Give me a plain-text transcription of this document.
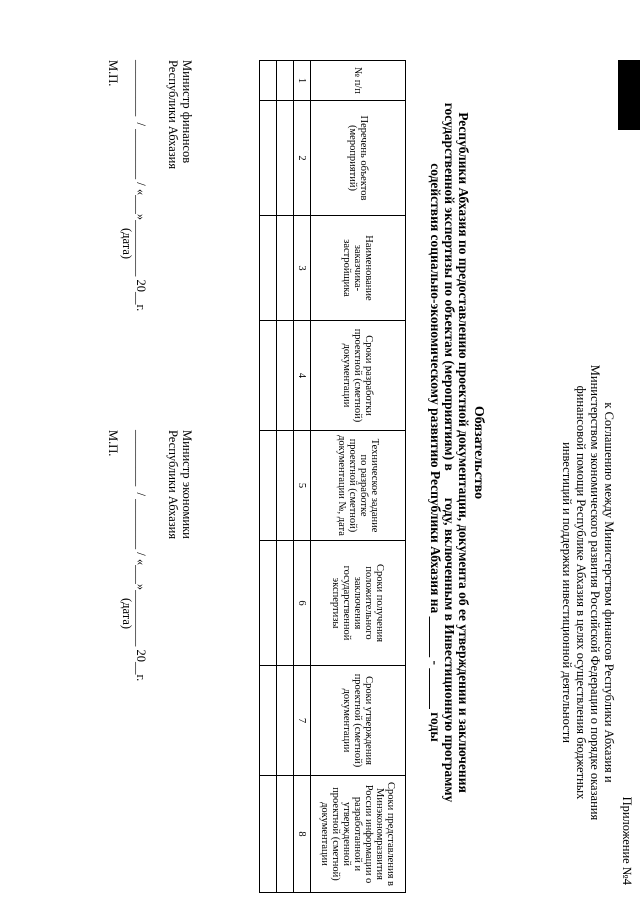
Приложение №4
к Соглашению между Министерством финансов Республики Абхазия и
Министерством экономического развития Российской Федерации о порядке оказания
финансовой помощи Республике Абхазия в целях осуществления бюджетных
инвестиций и поддержки инвестиционной деятельности
Обязательство
Республики Абхазия по предоставлению проектной документации, документа об ее утверждении и заключения
государственной экспертизы по объектам (мероприятиям) в        году, включенным в Инвестиционную программу
содействия социально-экономическому развитию Республики Абхазия на ______ - ______ годы
№ п/п	Перечень объектов (мероприятий)	Наименование заказчика-застройщика	Сроки разработки проектной (сметной) документации	Техническое задание по разработке проектной (сметной) документации №, дата	Сроки получения положительного заключения государственной экспертизы	Сроки утверждения проектной (сметной) документации	Сроки представления в Минэкономразвития России информации о разработанной и утвержденной проектной (сметной) документации
1	2	3	4	5	6	7	8

Министр финансов
Республики Абхазия
_________  / ________ / «___»_________ 20__г.
(дата)
М.П.
Министр экономики
Республики Абхазия
_________  / ________ / «___»_________ 20__г.
(дата)
М.П.
